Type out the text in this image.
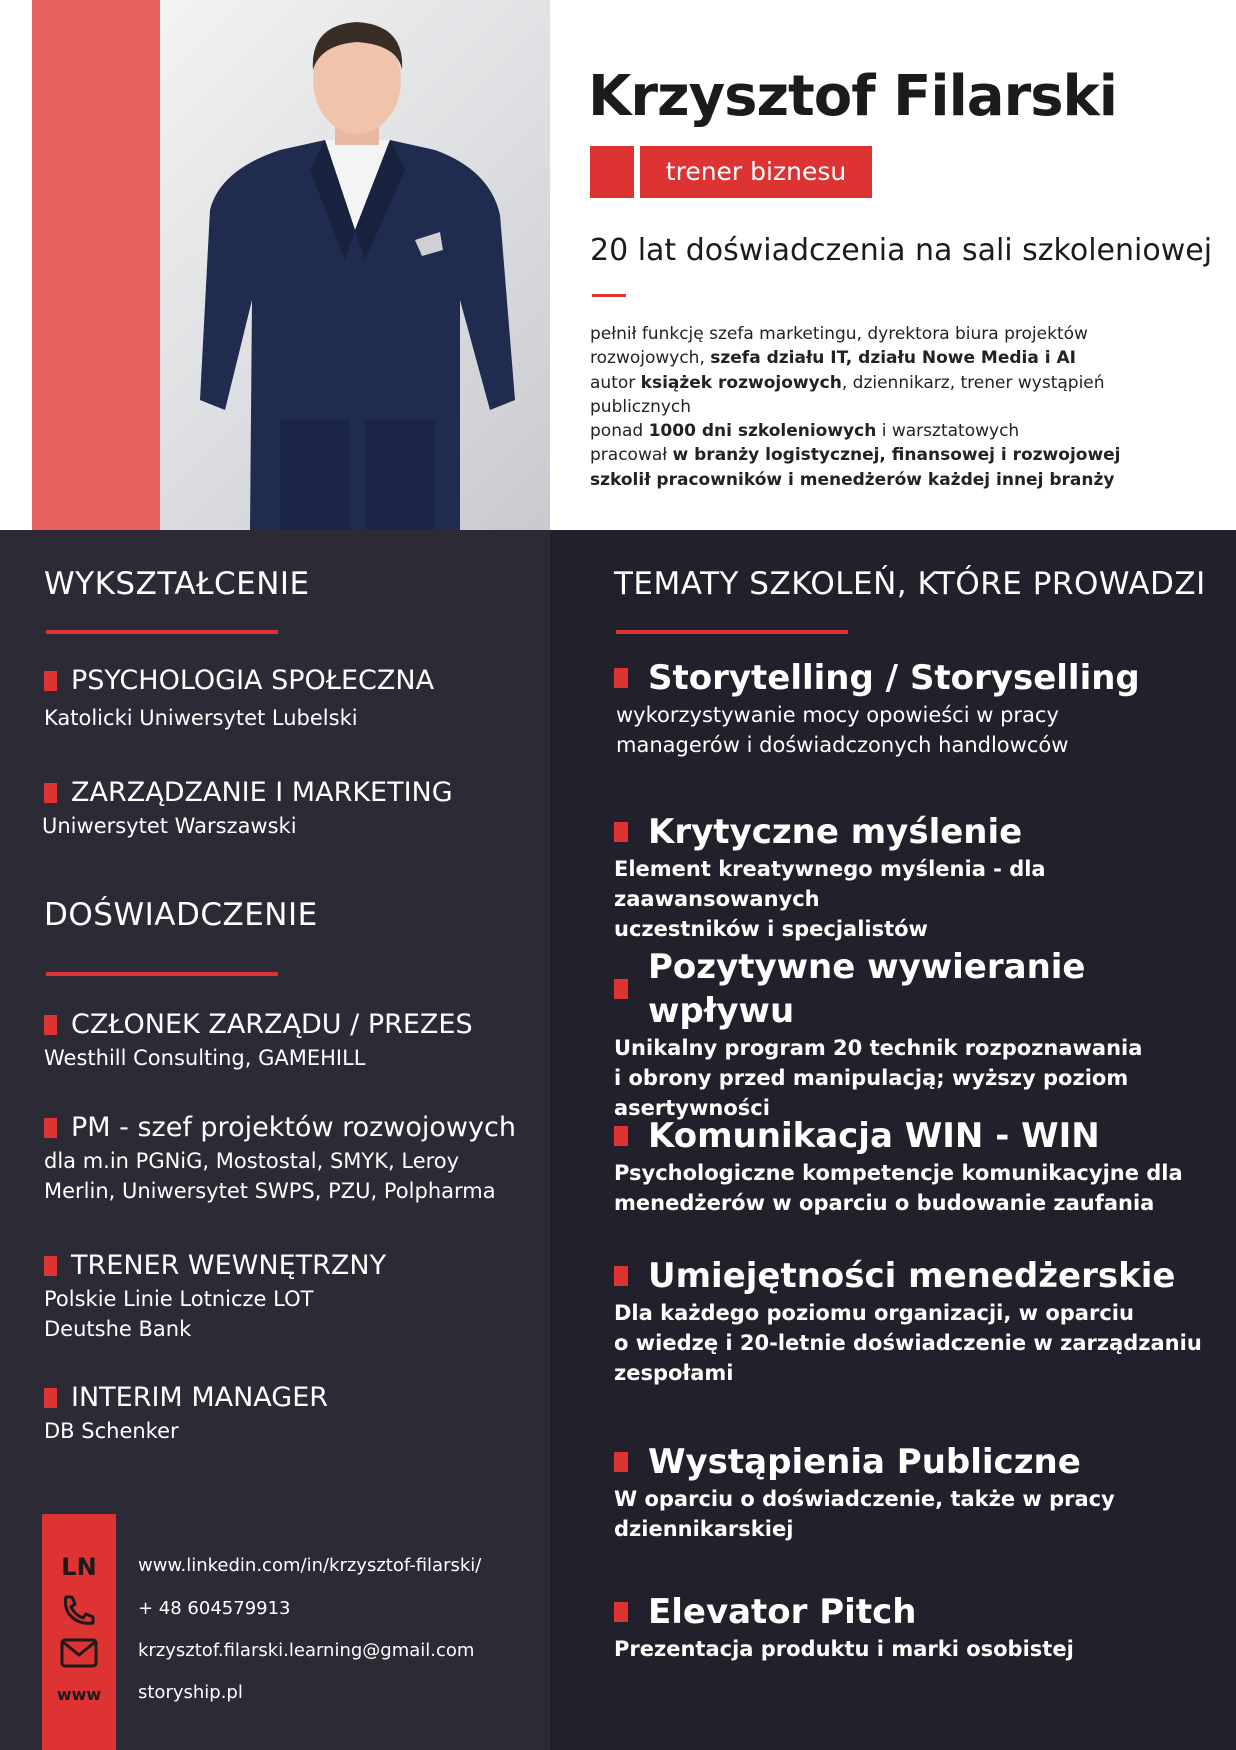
Krzysztof Filarski
trener biznesu
20 lat doświadczenia na sali szkoleniowej
pełnił funkcję szefa marketingu, dyrektora biura projektów
rozwojowych, szefa działu IT, działu Nowe Media i AI
autor książek rozwojowych, dziennikarz, trener wystąpień publicznych
ponad 1000 dni szkoleniowych i warsztatowych
pracował w branży logistycznej, finansowej i rozwojowej
szkolił pracowników i menedżerów każdej innej branży
WYKSZTAŁCENIE
PSYCHOLOGIA SPOŁECZNA
Katolicki Uniwersytet Lubelski
ZARZĄDZANIE I MARKETING
Uniwersytet Warszawski
DOŚWIADCZENIE
CZŁONEK ZARZĄDU / PREZES
Westhill Consulting, GAMEHILL
PM - szef projektów rozwojowych
dla m.in PGNiG, Mostostal, SMYK, Leroy
Merlin, Uniwersytet SWPS, PZU, Polpharma
TRENER WEWNĘTRZNY
Polskie Linie Lotnicze LOT
Deutshe Bank
INTERIM MANAGER
DB Schenker
LN
www
www.linkedin.com/in/krzysztof-filarski/
+ 48 604579913
krzysztof.filarski.learning@gmail.com
storyship.pl
TEMATY SZKOLEŃ, KTÓRE PROWADZI
Storytelling / Storyselling
wykorzystywanie mocy opowieści w pracy
managerów i doświadczonych handlowców
Krytyczne myślenie
Element kreatywnego myślenia - dla zaawansowanych
uczestników i specjalistów
Pozytywne wywieranie wpływu
Unikalny program 20 technik rozpoznawania
i obrony przed manipulacją; wyższy poziom
asertywności
Komunikacja WIN - WIN
Psychologiczne kompetencje komunikacyjne dla
menedżerów w oparciu o budowanie zaufania
Umiejętności menedżerskie
Dla każdego poziomu organizacji, w oparciu
o wiedzę i 20-letnie doświadczenie w zarządzaniu
zespołami
Wystąpienia Publiczne
W oparciu o doświadczenie, także w pracy
dziennikarskiej
Elevator Pitch
Prezentacja produktu i marki osobistej
